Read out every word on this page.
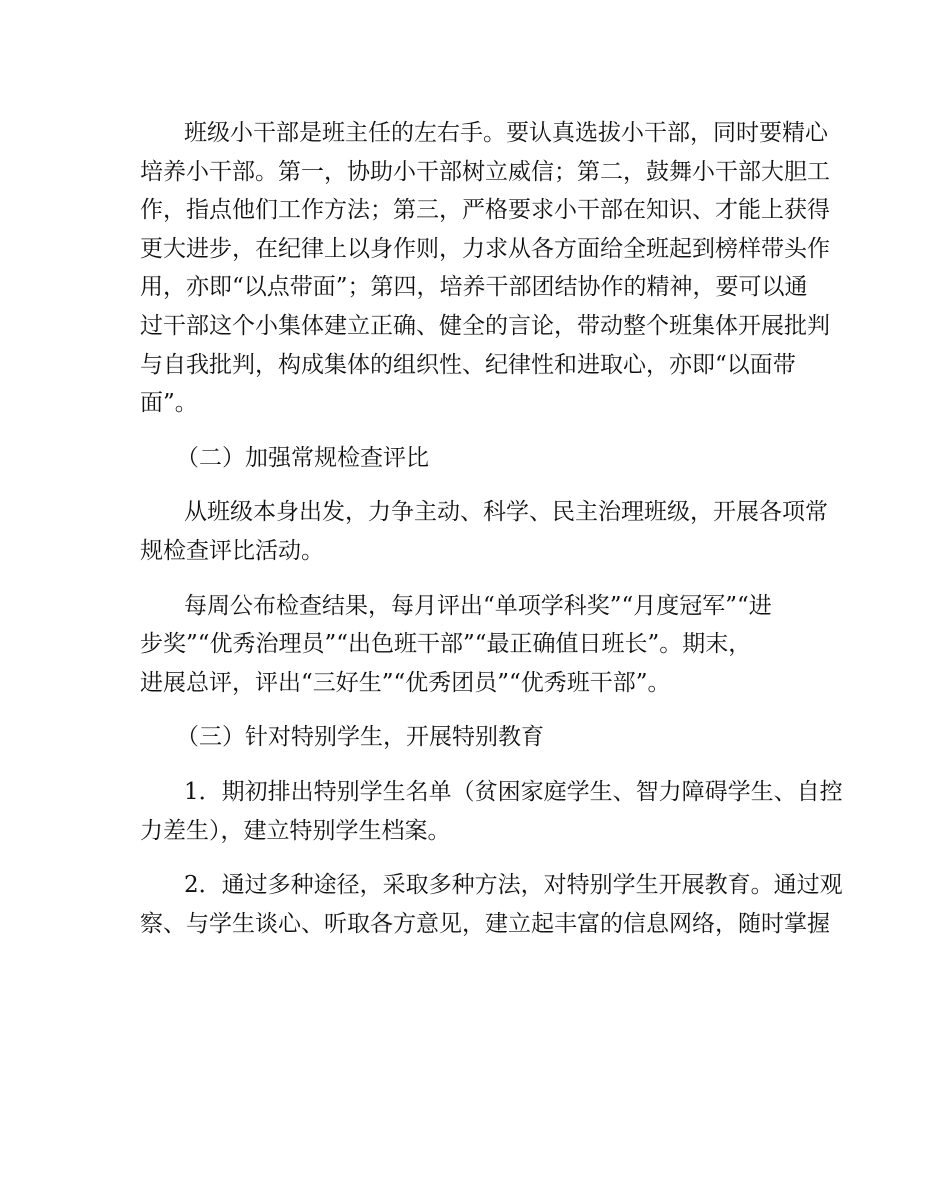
班级小干部是班主任的左右手。要认真选拔小干部，同时要精心
培养小干部。第一，协助小干部树立威信；第二，鼓舞小干部大胆工
作，指点他们工作方法；第三，严格要求小干部在知识、才能上获得
更大进步，在纪律上以身作则，力求从各方面给全班起到榜样带头作
用，亦即“以点带面”；第四，培养干部团结协作的精神，要可以通
过干部这个小集体建立正确、健全的言论，带动整个班集体开展批判
与自我批判，构成集体的组织性、纪律性和进取心，亦即“以面带
面”。
（二）加强常规检查评比
从班级本身出发，力争主动、科学、民主治理班级，开展各项常
规检查评比活动。
每周公布检查结果，每月评出“单项学科奖”“月度冠军”“进
步奖”“优秀治理员”“出色班干部”“最正确值日班长”。期末，
进展总评，评出“三好生”“优秀团员”“优秀班干部”。
（三）针对特别学生，开展特别教育
1．期初排出特别学生名单（贫困家庭学生、智力障碍学生、自控
力差生），建立特别学生档案。
2．通过多种途径，采取多种方法，对特别学生开展教育。通过观
察、与学生谈心、听取各方意见，建立起丰富的信息网络，随时掌握
